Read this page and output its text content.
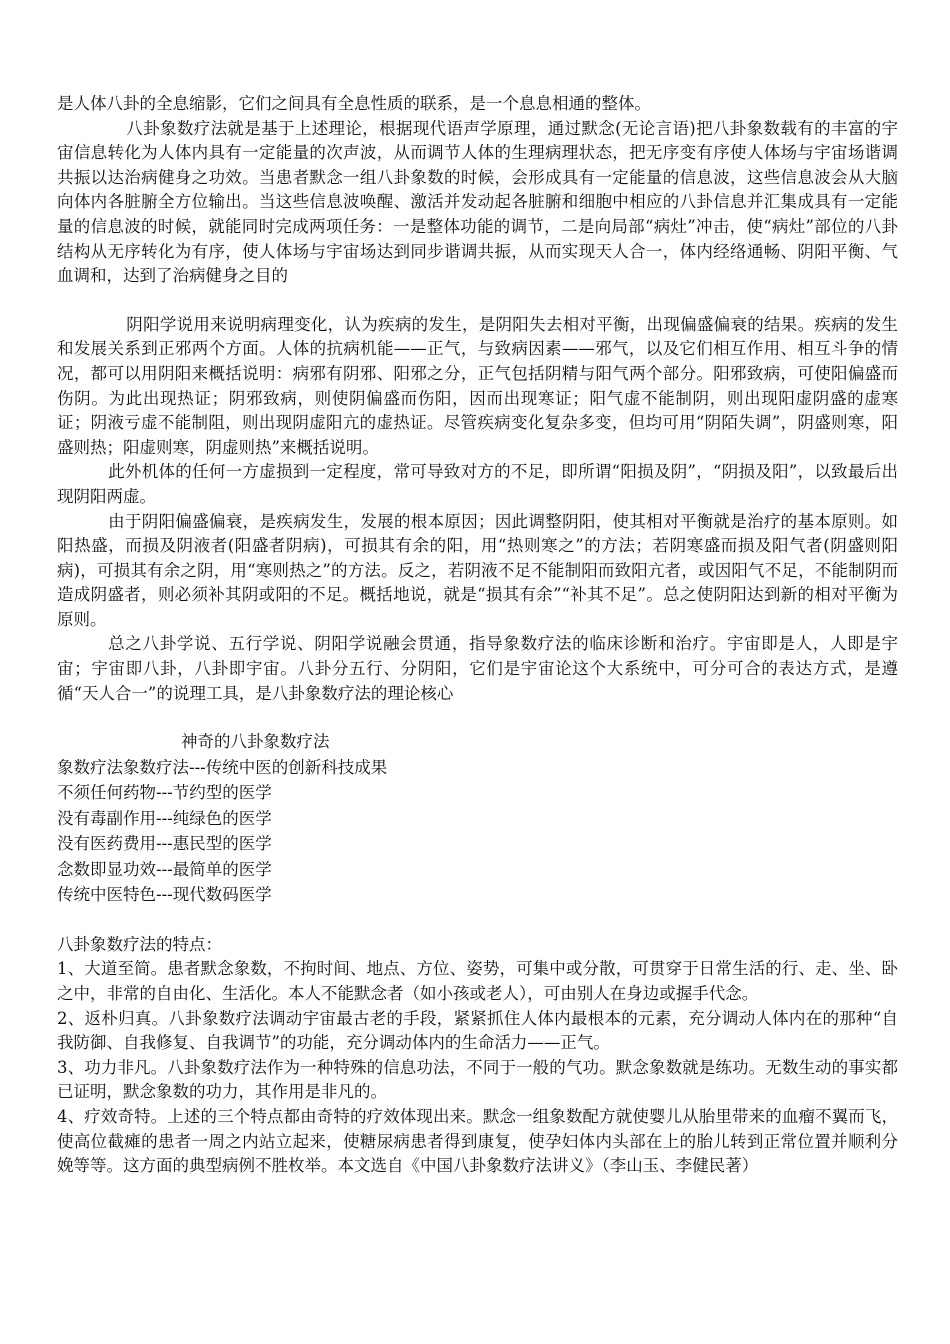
是人体八卦的全息缩影，它们之间具有全息性质的联系，是一个息息相通的整体。

八卦象数疗法就是基于上述理论，根据现代语声学原理，通过默念(无论言语)把八卦象数载有的丰富的宇宙信息转化为人体内具有一定能量的次声波，从而调节人体的生理病理状态，把无序变有序使人体场与宇宙场谐调共振以达治病健身之功效。当患者默念一组八卦象数的时候，会形成具有一定能量的信息波，这些信息波会从大脑向体内各脏腑全方位输出。当这些信息波唤醒、激活并发动起各脏腑和细胞中相应的八卦信息并汇集成具有一定能量的信息波的时候，就能同时完成两项任务：一是整体功能的调节，二是向局部“病灶”冲击，使“病灶”部位的八卦结构从无序转化为有序，使人体场与宇宙场达到同步谐调共振，从而实现天人合一，体内经络通畅、阴阳平衡、气血调和，达到了治病健身之目的

阴阳学说用来说明病理变化，认为疾病的发生，是阴阳失去相对平衡，出现偏盛偏衰的结果。疾病的发生和发展关系到正邪两个方面。人体的抗病机能——正气，与致病因素——邪气，以及它们相互作用、相互斗争的情况，都可以用阴阳来概括说明：病邪有阴邪、阳邪之分，正气包括阴精与阳气两个部分。阳邪致病，可使阳偏盛而伤阴。为此出现热证；阴邪致病，则使阴偏盛而伤阳，因而出现寒证；阳气虚不能制阴，则出现阳虚阴盛的虚寒证；阴液亏虚不能制阻，则出现阴虚阳亢的虚热证。尽管疾病变化复杂多变，但均可用“阴陌失调”，阴盛则寒，阳盛则热；阳虚则寒，阴虚则热”来概括说明。

此外机体的任何一方虚损到一定程度，常可导致对方的不足，即所谓“阳损及阴”，“阴损及阳”，以致最后出现阴阳两虚。

由于阴阳偏盛偏衰，是疾病发生，发展的根本原因；因此调整阴阳，使其相对平衡就是治疗的基本原则。如阳热盛，而损及阴液者(阳盛者阴病)，可损其有余的阳，用“热则寒之”的方法；若阴寒盛而损及阳气者(阴盛则阳病)，可损其有余之阴，用“寒则热之”的方法。反之，若阴液不足不能制阳而致阳亢者，或因阳气不足，不能制阴而造成阴盛者，则必须补其阴或阳的不足。概括地说，就是“损其有余”“补其不足”。总之使阴阳达到新的相对平衡为原则。

总之八卦学说、五行学说、阴阳学说融会贯通，指导象数疗法的临床诊断和治疗。宇宙即是人，人即是宇宙；宇宙即八卦，八卦即宇宙。八卦分五行、分阴阳，它们是宇宙论这个大系统中，可分可合的表达方式，是遵循“天人合一”的说理工具，是八卦象数疗法的理论核心

神奇的八卦象数疗法

象数疗法象数疗法---传统中医的创新科技成果

不须任何药物---节约型的医学

没有毒副作用---纯绿色的医学

没有医药费用---惠民型的医学

念数即显功效---最简单的医学

传统中医特色---现代数码医学

八卦象数疗法的特点：

1、大道至简。患者默念象数，不拘时间、地点、方位、姿势，可集中或分散，可贯穿于日常生活的行、走、坐、卧之中，非常的自由化、生活化。本人不能默念者（如小孩或老人），可由别人在身边或握手代念。

2、返朴归真。八卦象数疗法调动宇宙最古老的手段，紧紧抓住人体内最根本的元素，充分调动人体内在的那种“自我防御、自我修复、自我调节”的功能，充分调动体内的生命活力——正气。

3、功力非凡。八卦象数疗法作为一种特殊的信息功法，不同于一般的气功。默念象数就是练功。无数生动的事实都已证明，默念象数的功力，其作用是非凡的。

4、疗效奇特。上述的三个特点都由奇特的疗效体现出来。默念一组象数配方就使婴儿从胎里带来的血瘤不翼而飞，使高位截瘫的患者一周之内站立起来，使糖尿病患者得到康复，使孕妇体内头部在上的胎儿转到正常位置并顺利分娩等等。这方面的典型病例不胜枚举。本文选自《中国八卦象数疗法讲义》（李山玉、李健民著）
